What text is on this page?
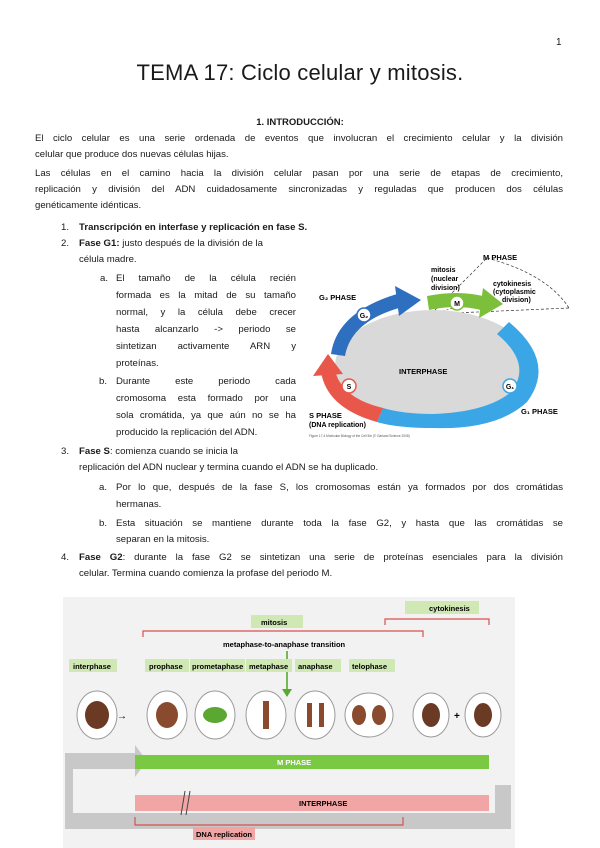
1
TEMA 17: Ciclo celular y mitosis.
1. INTRODUCCIÓN:
El ciclo celular es una serie ordenada de eventos que involucran el crecimiento celular y la división
celular que produce dos nuevas células hijas.
Las células en el camino hacia la división celular pasan por una serie de etapas de crecimiento,
replicación y división del ADN cuidadosamente sincronizadas y reguladas que producen dos células
genéticamente idénticas.
1. Transcripción en interfase y replicación en fase S.
2. Fase G1: justo después de la división de la
célula madre.
a. El tamaño de la célula recién
formada es la mitad de su tamaño
normal, y la célula debe crecer
hasta alcanzarlo -> periodo se
sintetizan activamente ARN y
proteínas.
b. Durante este periodo cada
cromosoma esta formado por una
sola cromátida, ya que aún no se ha
producido la replicación del ADN.
3. Fase S: comienza cuando se inicia la
replicación del ADN nuclear y termina cuando el ADN se ha duplicado.
a. Por lo que, después de la fase S, los cromosomas están ya formados por dos cromátidas
hermanas.
b. Esta situación se mantiene durante toda la fase G2, y hasta que las cromátidas se
separan en la mitosis.
4. Fase G2: durante la fase G2 se sintetizan una serie de proteínas esenciales para la división
celular. Termina cuando comienza la profase del periodo M.
M
G₂
S	G₁
M PHASE
mitosis
(nuclear
division)
cytokinesis
(cytoplasmic
division)
G₂ PHASE
INTERPHASE
G₁ PHASE
S PHASE
(DNA replication)
Figure 17-4 Molecular Biology of the Cell 5/e (© Garland Science 2008)
cytokinesis
mitosis
metaphase-to-anaphase transition
interphase	prophase prometaphase metaphase anaphase	telophase
→	+
M PHASE
INTERPHASE
DNA replication
